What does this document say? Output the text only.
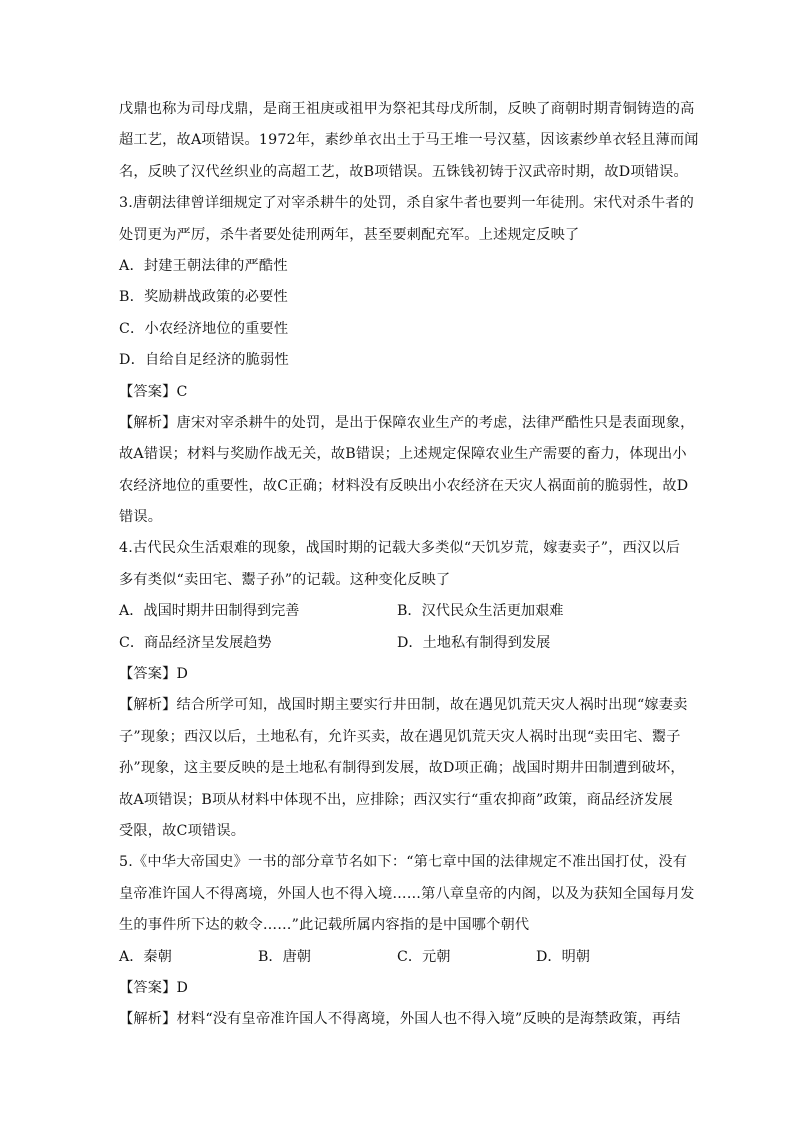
戊鼎也称为司母戊鼎，是商王祖庚或祖甲为祭祀其母戊所制，反映了商朝时期青铜铸造的高
超工艺，故A项错误。1972年，素纱单衣出土于马王堆一号汉墓，因该素纱单衣轻且薄而闻
名，反映了汉代丝织业的高超工艺，故B项错误。五铢钱初铸于汉武帝时期，故D项错误。
3.唐朝法律曾详细规定了对宰杀耕牛的处罚，杀自家牛者也要判一年徒刑。宋代对杀牛者的
处罚更为严厉，杀牛者要处徒刑两年，甚至要刺配充军。上述规定反映了
A．封建王朝法律的严酷性
B．奖励耕战政策的必要性
C．小农经济地位的重要性
D．自给自足经济的脆弱性
【答案】C
【解析】唐宋对宰杀耕牛的处罚，是出于保障农业生产的考虑，法律严酷性只是表面现象，
故A错误；材料与奖励作战无关，故B错误；上述规定保障农业生产需要的畜力，体现出小
农经济地位的重要性，故C正确；材料没有反映出小农经济在天灾人祸面前的脆弱性，故D
错误。
4.古代民众生活艰难的现象，战国时期的记载大多类似“天饥岁荒，嫁妻卖子”，西汉以后
多有类似“卖田宅、鬻子孙”的记载。这种变化反映了
A．战国时期井田制得到完善	B．汉代民众生活更加艰难
C．商品经济呈发展趋势	D．土地私有制得到发展
【答案】D
【解析】结合所学可知，战国时期主要实行井田制，故在遇见饥荒天灾人祸时出现“嫁妻卖
子”现象；西汉以后，土地私有，允许买卖，故在遇见饥荒天灾人祸时出现“卖田宅、鬻子
孙”现象，这主要反映的是土地私有制得到发展，故D项正确；战国时期井田制遭到破坏，
故A项错误；B项从材料中体现不出，应排除；西汉实行“重农抑商”政策，商品经济发展
受限，故C项错误。
5.《中华大帝国史》一书的部分章节名如下：“第七章中国的法律规定不准出国打仗，没有
皇帝准许国人不得离境，外国人也不得入境……第八章皇帝的内阁，以及为获知全国每月发
生的事件所下达的敕令……”此记载所属内容指的是中国哪个朝代
A．秦朝	B．唐朝	C．元朝	D．明朝
【答案】D
【解析】材料“没有皇帝准许国人不得离境，外国人也不得入境”反映的是海禁政策，再结
